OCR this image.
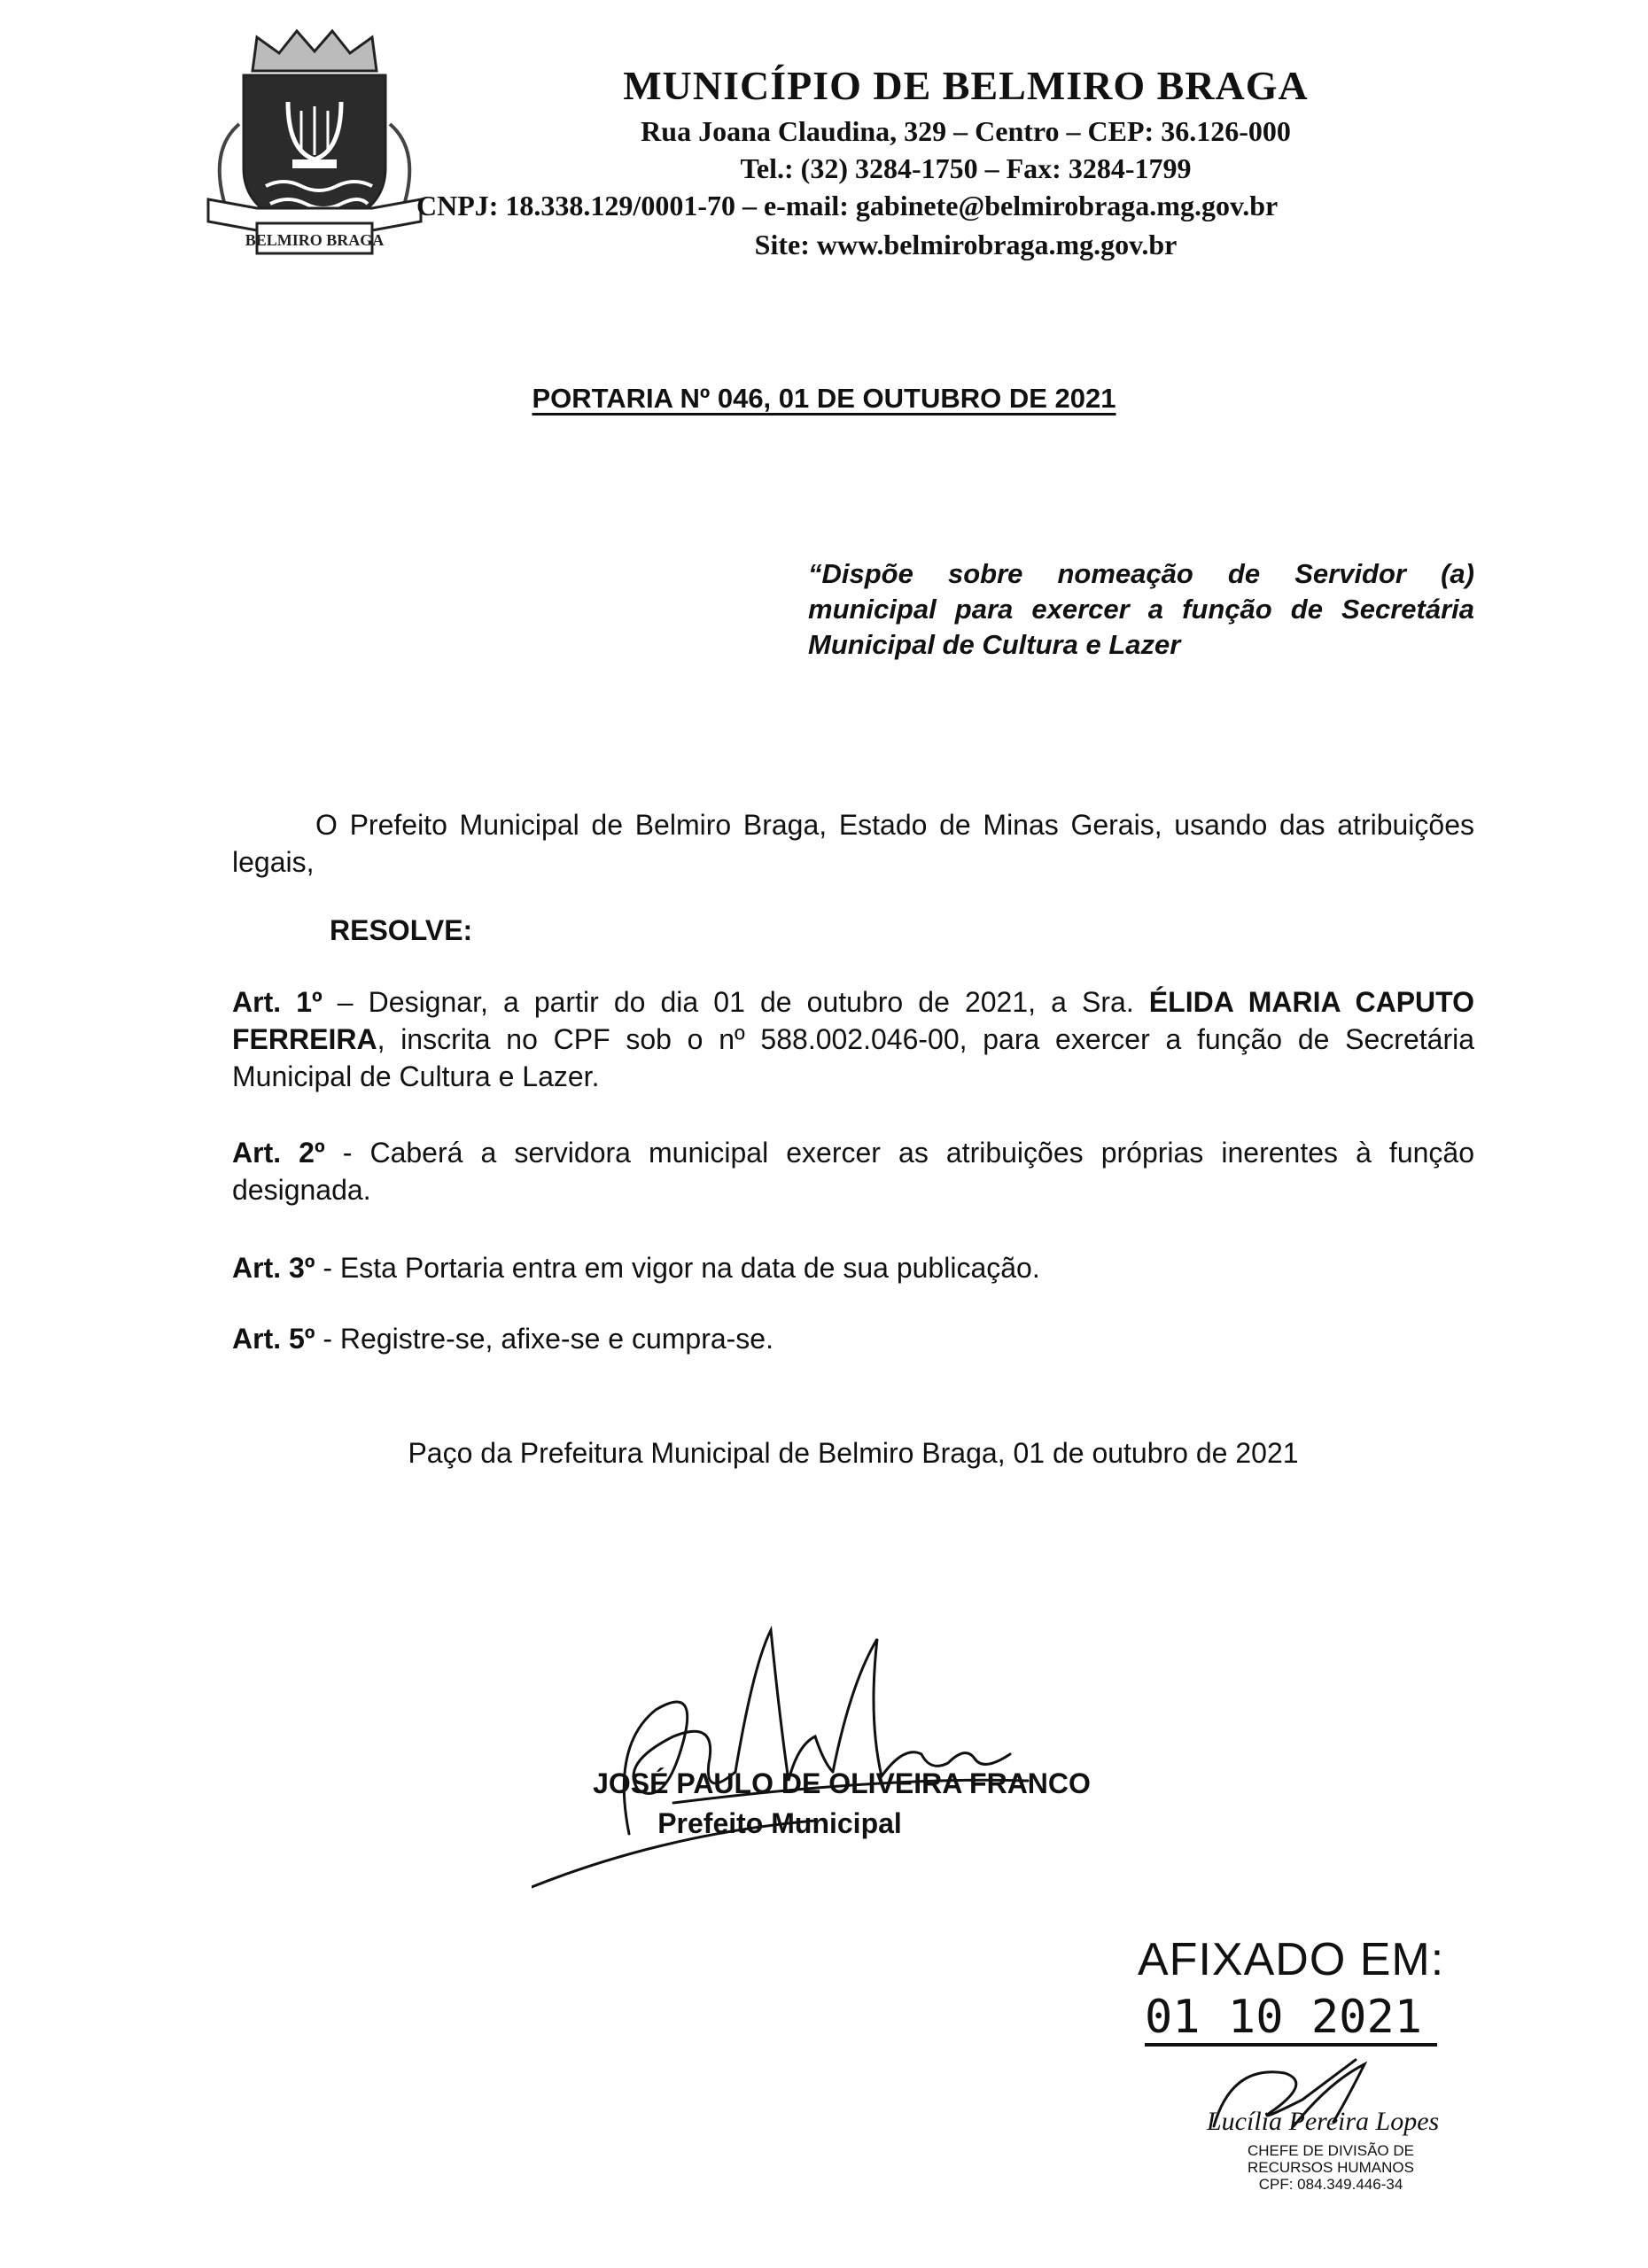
BELMIRO BRAGA
MUNICÍPIO DE BELMIRO BRAGA
Rua Joana Claudina, 329 – Centro – CEP: 36.126-000
Tel.: (32) 3284-1750 – Fax: 3284-1799
CNPJ: 18.338.129/0001-70 – e-mail: gabinete@belmirobraga.mg.gov.br
Site: www.belmirobraga.mg.gov.br
PORTARIA Nº 046, 01 DE OUTUBRO DE 2021
“Dispõe sobre nomeação de Servidor (a) municipal para exercer a função de Secretária Municipal de Cultura e Lazer
O Prefeito Municipal de Belmiro Braga, Estado de Minas Gerais, usando das atribuições legais,
RESOLVE:
Art. 1º – Designar, a partir do dia 01 de outubro de 2021, a Sra. ÉLIDA MARIA CAPUTO FERREIRA, inscrita no CPF sob o nº 588.002.046-00, para exercer a função de Secretária Municipal de Cultura e Lazer.
Art. 2º - Caberá a servidora municipal exercer as atribuições próprias inerentes à função designada.
Art. 3º - Esta Portaria entra em vigor na data de sua publicação.
Art. 5º - Registre-se, afixe-se e cumpra-se.
Paço da Prefeitura Municipal de Belmiro Braga, 01 de outubro de 2021
JOSÉ PAULO DE OLIVEIRA FRANCO
Prefeito Municipal
AFIXADO EM:
01 10 2021
Lucília Pereira Lopes
CHEFE DE DIVISÃO DE
RECURSOS HUMANOS
CPF: 084.349.446-34
